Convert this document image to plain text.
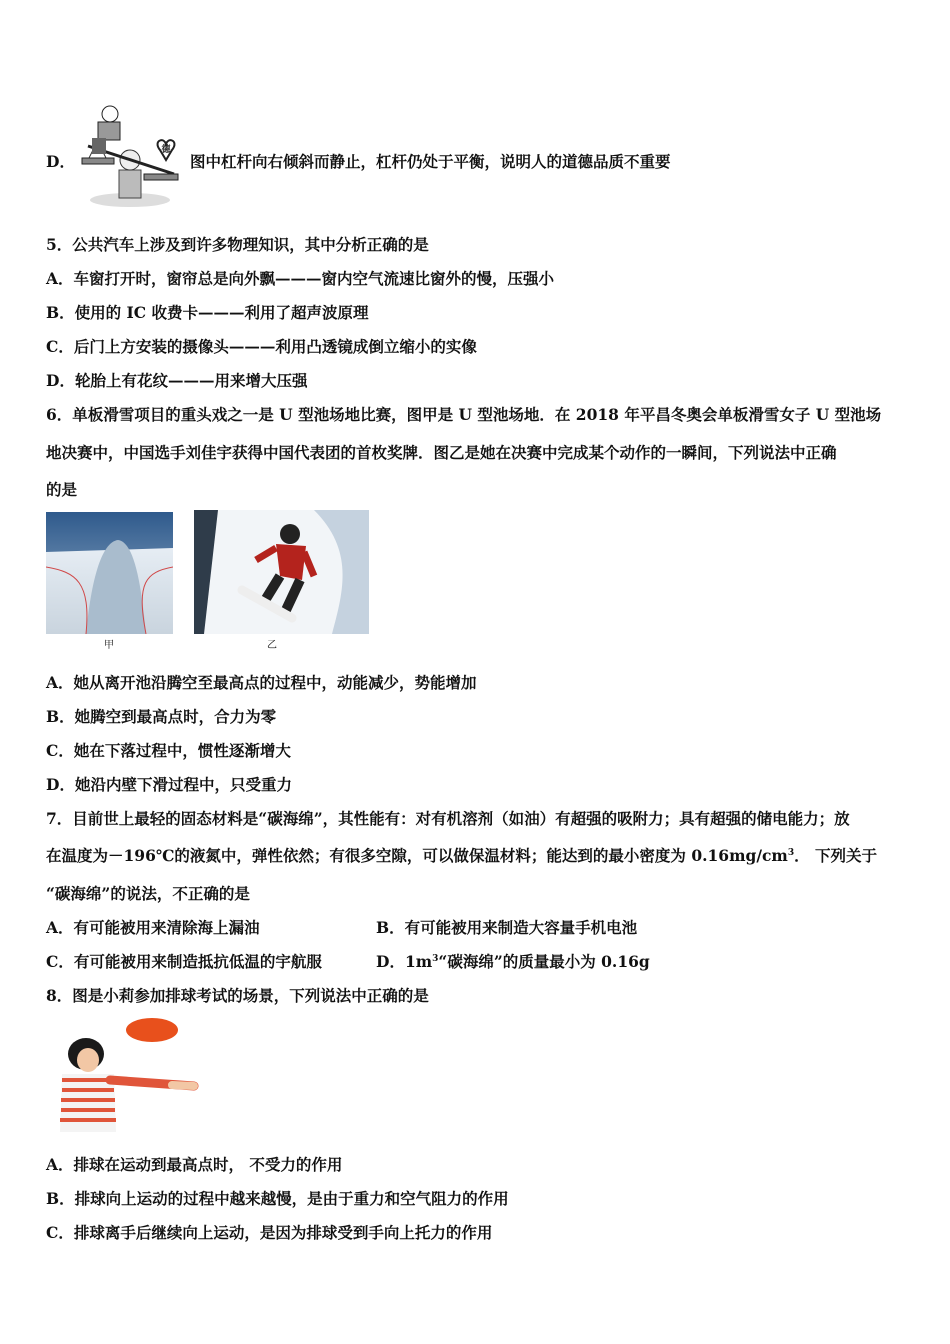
D．
德
图中杠杆向右倾斜而静止，杠杆仍处于平衡，说明人的道德品质不重要
5．公共汽车上涉及到许多物理知识，其中分析正确的是
A．车窗打开时，窗帘总是向外飘———窗内空气流速比窗外的慢，压强小
B．使用的 IC 收费卡———利用了超声波原理
C．后门上方安装的摄像头———利用凸透镜成倒立缩小的实像
D．轮胎上有花纹———用来增大压强
6．单板滑雪项目的重头戏之一是 U 型池场地比赛，图甲是 U 型池场地．在 2018 年平昌冬奥会单板滑雪女子 U 型池场
地决赛中，中国选手刘佳宇获得中国代表团的首枚奖牌．图乙是她在决赛中完成某个动作的一瞬间，下列说法中正确
的是
甲	乙
A．她从离开池沿腾空至最高点的过程中，动能减少，势能增加
B．她腾空到最高点时，合力为零
C．她在下落过程中，惯性逐渐增大
D．她沿内壁下滑过程中，只受重力
7．目前世上最轻的固态材料是“碳海绵”，其性能有：对有机溶剂（如油）有超强的吸附力；具有超强的储电能力；放
在温度为－196℃的液氮中，弹性依然；有很多空隙，可以做保温材料；能达到的最小密度为 $0.16mg/cm^3$． 下列关于
“碳海绵”的说法，不正确的是
A．有可能被用来清除海上漏油	B．有可能被用来制造大容量手机电池
C．有可能被用来制造抵抗低温的宇航服	D．$1m^3“$碳海绵”的质量最小为 0.16g
8．图是小莉参加排球考试的场景，下列说法中正确的是
A．排球在运动到最高点时， 不受力的作用
B．排球向上运动的过程中越来越慢，是由于重力和空气阻力的作用
C．排球离手后继续向上运动，是因为排球受到手向上托力的作用
